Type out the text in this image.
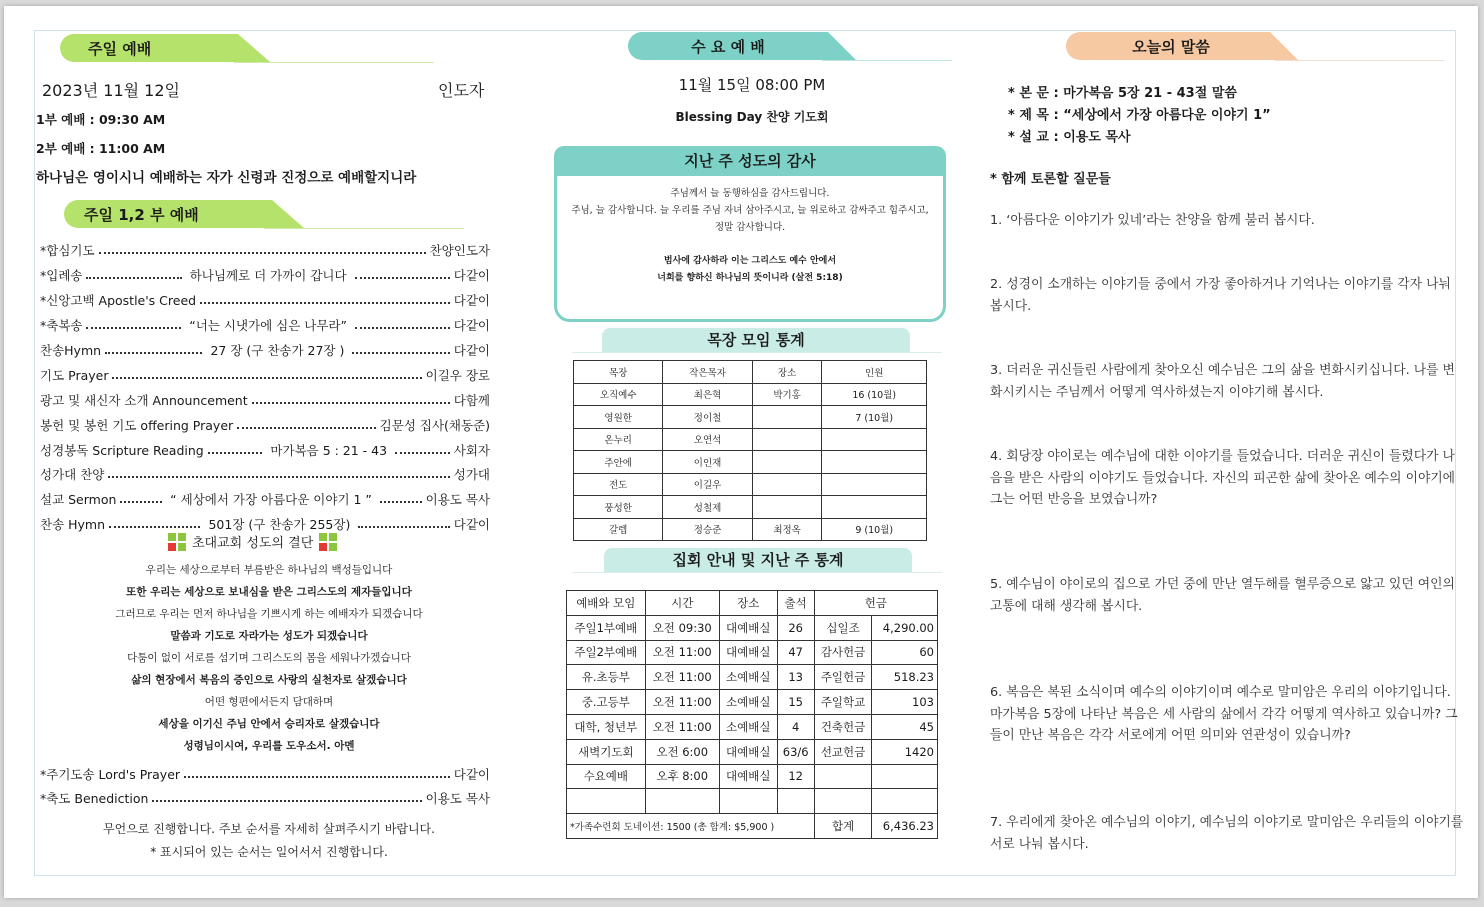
주일 예배
2023년 11월 12일	인도자
1부 예배 : 09:30 AM
2부 예배 : 11:00 AM
하나님은 영이시니 예배하는 자가 신령과 진정으로 예배할지니라
주일 1,2 부 예배
*합심기도	찬양인도자
*입례송	하나님께로 더 가까이 갑니다	다같이
*신앙고백 Apostle's Creed	다같이
*축복송	“너는 시냇가에 심은 나무라”	다같이
찬송Hymn	27 장 (구 찬송가 27장 )	다같이
기도 Prayer	이길우 장로
광고 및 새신자 소개 Announcement	다함께
봉헌 및 봉헌 기도 offering Prayer	김문성 집사(채동준)
성경봉독 Scripture Reading	마가복음 5 : 21 - 43	사회자
성가대 찬양	성가대
설교 Sermon	“ 세상에서 가장 아름다운 이야기 1 ”	이용도 목사
찬송 Hymn	501장 (구 찬송가 255장)	다같이
초대교회 성도의 결단
우리는 세상으로부터 부름받은 하나님의 백성들입니다
또한 우리는 세상으로 보내심을 받은 그리스도의 제자들입니다
그러므로 우리는 먼저 하나님을 기쁘시게 하는 예배자가 되겠습니다
말씀과 기도로 자라가는 성도가 되겠습니다
다툼이 없이 서로를 섬기며 그리스도의 몸을 세워나가겠습니다
삶의 현장에서 복음의 증인으로 사랑의 실천자로 살겠습니다
어떤 형편에서든지 담대하며
세상을 이기신 주님 안에서 승리자로 살겠습니다
성령님이시여, 우리를 도우소서. 아멘
*주기도송 Lord's Prayer	다같이
*축도 Benediction	이용도 목사
무언으로 진행합니다. 주보 순서를 자세히 살펴주시기 바랍니다.
* 표시되어 있는 순서는 일어서서 진행합니다.
수 요 예 배
11월 15일 08:00 PM
Blessing Day 찬양 기도회
지난 주 성도의 감사
주님께서 늘 동행하심을 감사드립니다.
주님, 늘 감사합니다. 늘 우리를 주님 자녀 삼아주시고, 늘 위로하고 감싸주고 힘주시고,
정말 감사합니다.
범사에 감사하라 이는 그리스도 예수 안에서
너희를 향하신 하나님의 뜻이니라 (살전 5:18)
목장 모임 통계
목장	작은목자	장소	인원
오직예수	최은혁	박기홍	16 (10월)
영원한	정이철		7 (10월)
온누리	오연석		
주안에	이인재		
전도	이길우		
풍성한	성철제		
갈렙	정승준	최정옥	9 (10월)
집회 안내 및 지난 주 통계
예배와 모임	시간	장소	출석	헌금	
주일1부예배	오전 09:30	대예배실	26	십일조	4,290.00
주일2부예배	오전 11:00	대예배실	47	감사헌금	60
유.초등부	오전 11:00	소예배실	13	주일헌금	518.23
중.고등부	오전 11:00	소예배실	15	주일학교	103
대학, 청년부	오전 11:00	소예배실	4	건축헌금	45
새벽기도회	오전 6:00	대예배실	63/6	선교헌금	1420
수요예배	오후 8:00	대예배실	12		

*가족수련회 도네이션: 1500 (총 합계: $5,900 )				합계	6,436.23
오늘의 말씀
* 본 문 : 마가복음 5장 21 - 43절 말씀
* 제 목 : “세상에서 가장 아름다운 이야기 1”
* 설 교 : 이용도 목사
* 함께 토론할 질문들
1. ‘아름다운 이야기가 있네’라는 찬양을 함께 불러 봅시다.
2. 성경이 소개하는 이야기들 중에서 가장 좋아하거나 기억나는 이야기를 각자 나눠
봅시다.
3. 더러운 귀신들린 사람에게 찾아오신 예수님은 그의 삶을 변화시키십니다. 나를 변
화시키시는 주님께서 어떻게 역사하셨는지 이야기해 봅시다.
4. 회당장 야이로는 예수님에 대한 이야기를 들었습니다. 더러운 귀신이 들렸다가 나
음을 받은 사람의 이야기도 들었습니다. 자신의 피곤한 삶에 찾아온 예수의 이야기에
그는 어떤 반응을 보였습니까?
5. 예수님이 야이로의 집으로 가던 중에 만난 열두해를 혈루증으로 앓고 있던 여인의
고통에 대해 생각해 봅시다.
6. 복음은 복된 소식이며 예수의 이야기이며 예수로 말미암은 우리의 이야기입니다.
마가복음 5장에 나타난 복음은 세 사람의 삶에서 각각 어떻게 역사하고 있습니까? 그
들이 만난 복음은 각각 서로에게 어떤 의미와 연관성이 있습니까?
7. 우리에게 찾아온 예수님의 이야기, 예수님의 이야기로 말미암은 우리들의 이야기를
서로 나눠 봅시다.
